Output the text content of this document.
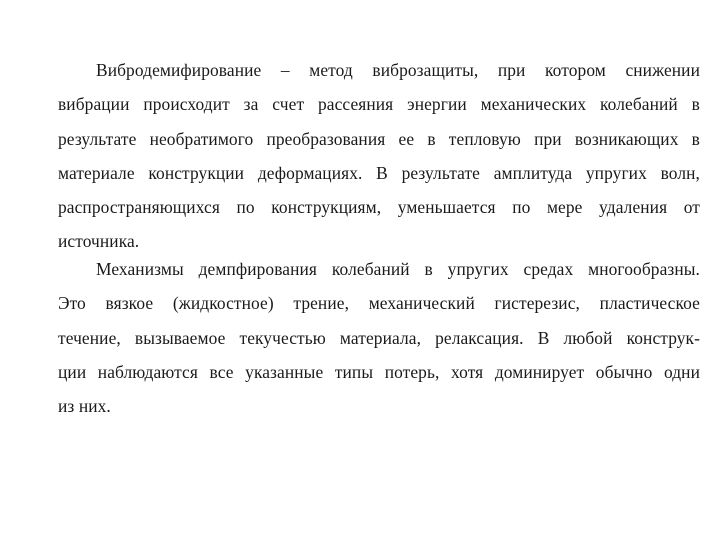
Вибродемифирование – метод виброзащиты, при котором снижении
вибрации происходит за счет рассеяния энергии механических колебаний в
результате необратимого преобразования ее в тепловую при возникающих в
материале конструкции деформациях. В результате амплитуда упругих волн,
распространяющихся по конструкциям, уменьшается по мере удаления от
источника.
Механизмы демпфирования колебаний в упругих средах многообразны.
Это вязкое (жидкостное) трение, механический гистерезис, пластическое
течение, вызываемое текучестью материала, релаксация. В любой конструк-
ции наблюдаются все указанные типы потерь, хотя доминирует обычно одни
из них.
